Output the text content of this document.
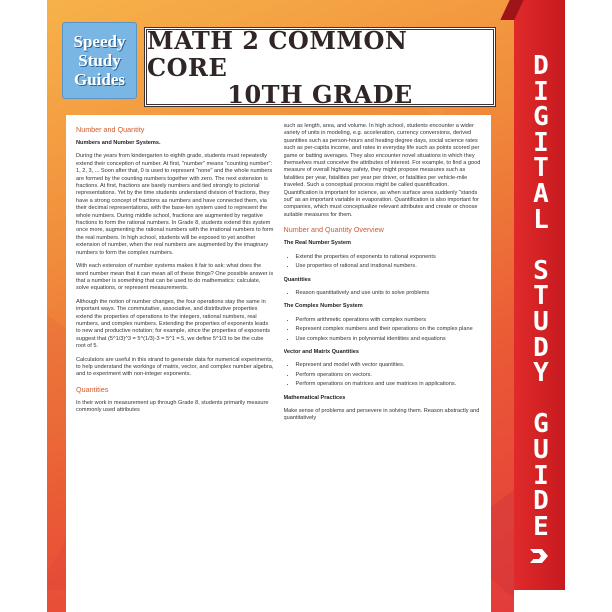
D
I
G
I
T
A
L
S
T
U
D
Y
G
U
I
D
E
Speedy
Study
Guides
MATH 2 COMMON CORE
10TH GRADE
Number and Quantity

Numbers and Number Systems.

During the years from kindergarten to eighth grade, students must repeatedly extend their conception of number. At first, "number" means "counting number": 1, 2, 3, ... Soon after that, 0 is used to represent "none" and the whole numbers are formed by the counting numbers together with zero. The next extension is fractions. At first, fractions are barely numbers and tied strongly to pictorial representations. Yet by the time students understand division of fractions, they have a strong concept of fractions as numbers and have connected them, via their decimal representations, with the base-ten system used to represent the whole numbers. During middle school, fractions are augmented by negative fractions to form the rational numbers. In Grade 8, students extend this system once more, augmenting the rational numbers with the irrational numbers to form the real numbers. In high school, students will be exposed to yet another extension of number, when the real numbers are augmented by the imaginary numbers to form the complex numbers.

With each extension of number systems makes it fair to ask: what does the word number mean that it can mean all of these things? One possible answer is that a number is something that can be used to do mathematics: calculate, solve equations, or represent measurements.

Although the notion of number changes, the four operations stay the same in important ways. The commutative, associative, and distributive properties extend the properties of operations to the integers, rational numbers, real numbers, and complex numbers. Extending the properties of exponents leads to new and productive notation; for example, since the properties of exponents suggest that (5^1/3)^3 = 5^(1/3)·3 = 5^1 = 5, we define 5^1/3 to be the cube root of 5.

Calculators are useful in this strand to generate data for numerical experiments, to help understand the workings of matrix, vector, and complex number algebra, and to experiment with non-integer exponents.

Quantities

In their work in measurement up through Grade 8, students primarily measure commonly used attributes

such as length, area, and volume. In high school, students encounter a wider variety of units in modeling, e.g. acceleration, currency conversions, derived quantities such as person-hours and heating degree days, social science rates such as per-capita income, and rates in everyday life such as points scored per game or batting averages. They also encounter novel situations in which they themselves must conceive the attributes of interest. For example, to find a good measure of overall highway safety, they might propose measures such as fatalities per year, fatalities per year per driver, or fatalities per vehicle-mile traveled. Such a conceptual process might be called quantification. Quantification is important for science, as when surface area suddenly "stands out" as an important variable in evaporation. Quantification is also important for companies, which must conceptualize relevant attributes and create or choose suitable measures for them.

Number and Quantity Overview

The Real Number System

• Extend the properties of exponents to rational exponents
• Use properties of rational and irrational numbers.

Quantities

• Reason quantitatively and use units to solve problems

The Complex Number System

• Perform arithmetic operations with complex numbers
• Represent complex numbers and their operations on the complex plane
• Use complex numbers in polynomial identities and equations

Vector and Matrix Quantities

• Represent and model with vector quantities.
• Perform operations on vectors.
• Perform operations on matrices and use matrices in applications.

Mathematical Practices

Make sense of problems and persevere in solving them. Reason abstractly and quantitatively
